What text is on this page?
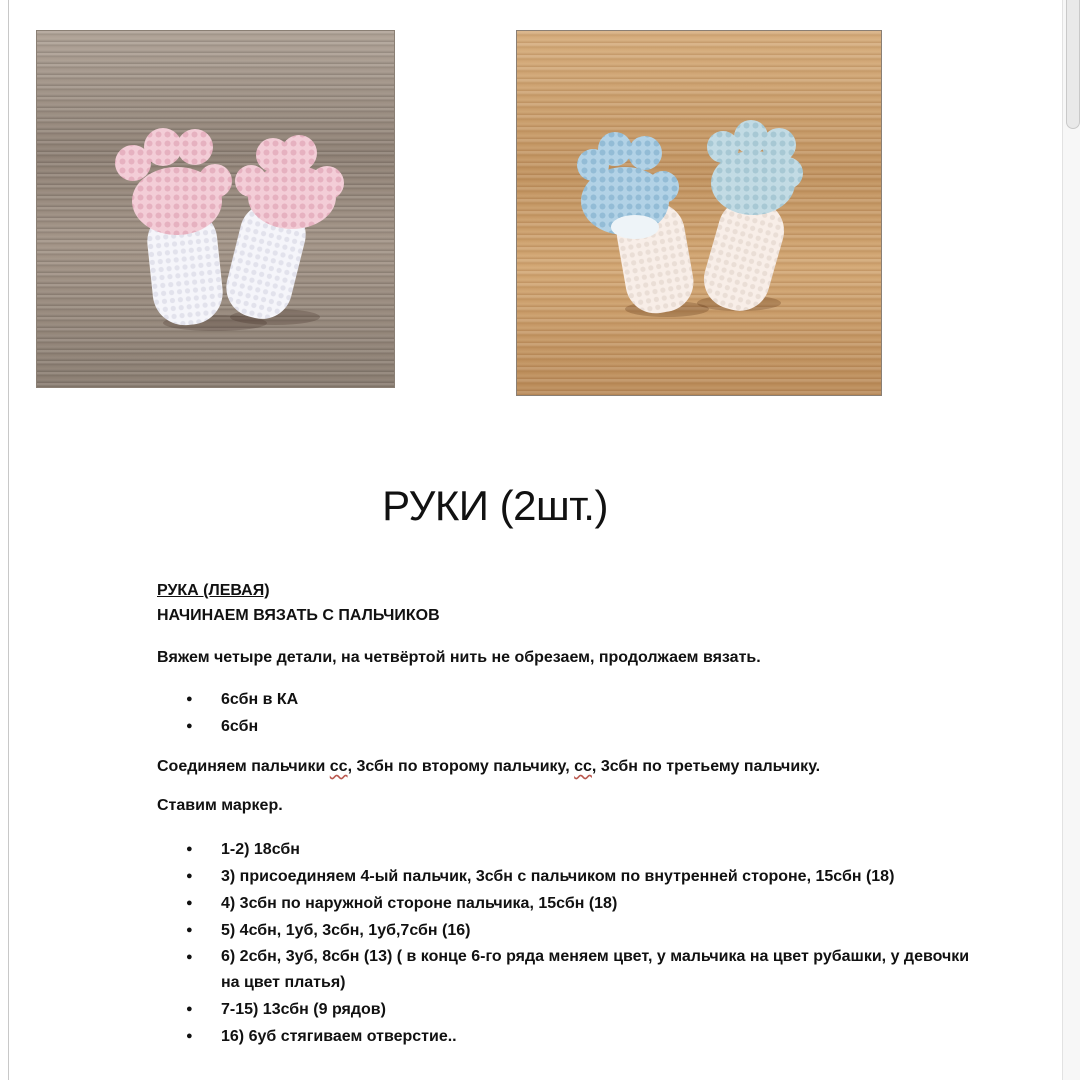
РУКИ (2шт.)
РУКА (ЛЕВАЯ)
НАЧИНАЕМ ВЯЗАТЬ С ПАЛЬЧИКОВ
Вяжем четыре детали, на четвёртой нить не обрезаем, продолжаем вязать.
● 6сбн в КА
● 6сбн
Соединяем пальчики сс, 3сбн по второму пальчику, сс, 3сбн по третьему пальчику.
Ставим маркер.
● 1-2) 18сбн
● 3) присоединяем 4-ый пальчик, 3сбн с пальчиком по внутренней стороне, 15сбн (18)
● 4) 3сбн по наружной стороне пальчика, 15сбн (18)
● 5) 4сбн, 1уб, 3сбн, 1уб,7сбн (16)
● 6) 2сбн, 3уб, 8сбн (13) ( в конце 6-го ряда меняем цвет, у мальчика на цвет рубашки, у девочки на цвет платья)
● 7-15) 13сбн (9 рядов)
● 16) 6уб стягиваем отверстие..
